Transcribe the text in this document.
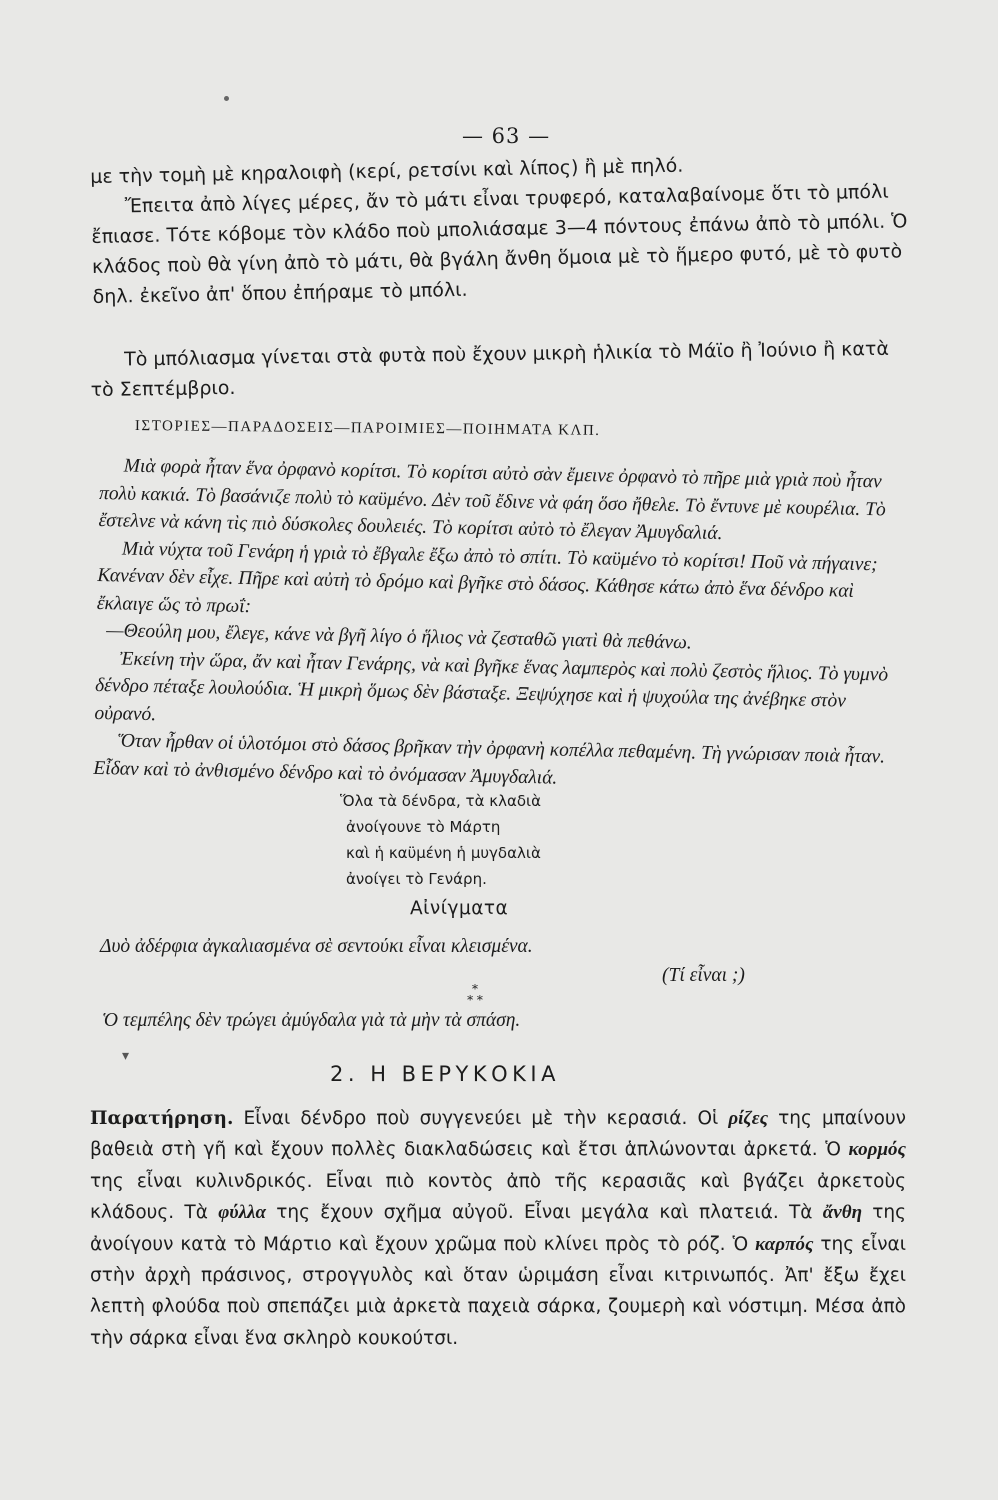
— 63 —

με τὴν τομὴ μὲ κηραλοιφὴ (κερί, ρετσίνι καὶ λίπος) ἢ μὲ πηλό.

Ἔπειτα ἀπὸ λίγες μέρες, ἄν τὸ μάτι εἶναι τρυφερό, καταλαβαίνομε ὅτι τὸ μπόλι ἔπιασε. Τότε κόβομε τὸν κλάδο ποὺ μπολιάσαμε 3—4 πόντους ἐπάνω ἀπὸ τὸ μπόλι. Ὁ κλάδος ποὺ θὰ γίνη ἀπὸ τὸ μάτι, θὰ βγάλη ἄνθη ὅμοια μὲ τὸ ἥμερο φυτό, μὲ τὸ φυτὸ δηλ. ἐκεῖνο ἀπ' ὅπου ἐπήραμε τὸ μπόλι.

Τὸ μπόλιασμα γίνεται στὰ φυτὰ ποὺ ἔχουν μικρὴ ἡλικία τὸ Μάϊο ἢ Ἰούνιο ἢ κατὰ τὸ Σεπτέμβριο.

ΙΣΤΟΡΙΕΣ—ΠΑΡΑΔΟΣΕΙΣ—ΠΑΡΟΙΜΙΕΣ—ΠΟΙΗΜΑΤΑ ΚΛΠ.

Μιὰ φορὰ ἦταν ἕνα ὀρφανὸ κορίτσι. Τὸ κορίτσι αὐτὸ σὰν ἔμεινε ὀρφανὸ τὸ πῆρε μιὰ γριὰ ποὺ ἦταν πολὺ κακιά. Τὸ βασάνιζε πολὺ τὸ καϋμένο. Δὲν τοῦ ἔδινε νὰ φάη ὅσο ἤθελε. Τὸ ἔντυνε μὲ κουρέλια. Τὸ ἔστελνε νὰ κάνη τὶς πιὸ δύσκολες δουλειές. Τὸ κορίτσι αὐτὸ τὸ ἔλεγαν Ἀμυγδαλιά.

Μιὰ νύχτα τοῦ Γενάρη ἡ γριὰ τὸ ἔβγαλε ἔξω ἀπὸ τὸ σπίτι. Τὸ καϋμένο τὸ κορίτσι! Ποῦ νὰ πήγαινε; Κανέναν δὲν εἶχε. Πῆρε καὶ αὐτὴ τὸ δρόμο καὶ βγῆκε στὸ δάσος. Κάθησε κάτω ἀπὸ ἕνα δένδρο καὶ ἔκλαιγε ὥς τὸ πρωΐ:

—Θεούλη μου, ἔλεγε, κάνε νὰ βγῆ λίγο ὁ ἥλιος νὰ ζεσταθῶ γιατὶ θὰ πεθάνω.

Ἐκείνη τὴν ὥρα, ἄν καὶ ἦταν Γενάρης, νὰ καὶ βγῆκε ἕνας λαμπερὸς καὶ πολὺ ζεστὸς ἥλιος. Τὸ γυμνὸ δένδρο πέταξε λουλούδια. Ἡ μικρὴ ὅμως δὲν βάσταξε. Ξεψύχησε καὶ ἡ ψυχούλα της ἀνέβηκε στὸν οὐρανό.

Ὅταν ἦρθαν οἱ ὑλοτόμοι στὸ δάσος βρῆκαν τὴν ὀρφανὴ κοπέλλα πεθαμένη. Τὴ γνώρισαν ποιὰ ἦταν. Εἶδαν καὶ τὸ ἀνθισμένο δένδρο καὶ τὸ ὀνόμασαν Ἀμυγδαλιά.

Ὅλα τὰ δένδρα, τὰ κλαδιὰ
ἀνοίγουνε τὸ Μάρτη
καὶ ἡ καϋμένη ἡ μυγδαλιὰ
ἀνοίγει τὸ Γενάρη.
Αἰνίγματα
Δυὸ ἀδέρφια ἀγκαλιασμένα σὲ σεντούκι εἶναι κλεισμένα.
(Τί εἶναι ;)
*
* *
Ὁ τεμπέλης δὲν τρώγει ἀμύγδαλα γιὰ τὰ μὴν τὰ σπάση.
▾
2. Η ΒΕΡΥΚΟΚΙΑ
Παρατήρηση. Εἶναι δένδρο ποὺ συγγενεύει μὲ τὴν κερασιά. Οἱ ρίζες της μπαίνουν βαθειὰ στὴ γῆ καὶ ἔχουν πολλὲς διακλαδώσεις καὶ ἔτσι ἁπλώνονται ἀρκετά. Ὁ κορμός της εἶναι κυλινδρικός. Εἶναι πιὸ κοντὸς ἀπὸ τῆς κερασιᾶς καὶ βγάζει ἀρκετοὺς κλάδους. Τὰ φύλλα της ἔχουν σχῆμα αὐγοῦ. Εἶναι μεγάλα καὶ πλατειά. Τὰ ἄνθη της ἀνοίγουν κατὰ τὸ Μάρτιο καὶ ἔχουν χρῶμα ποὺ κλίνει πρὸς τὸ ρόζ. Ὁ καρπός της εἶναι στὴν ἀρχὴ πράσινος, στρογγυλὸς καὶ ὅταν ὡριμάση εἶναι κιτρινωπός. Ἀπ' ἔξω ἔχει λεπτὴ φλούδα ποὺ σπεπάζει μιὰ ἀρκετὰ παχειὰ σάρκα, ζουμερὴ καὶ νόστιμη. Μέσα ἀπὸ τὴν σάρκα εἶναι ἕνα σκληρὸ κουκούτσι.
